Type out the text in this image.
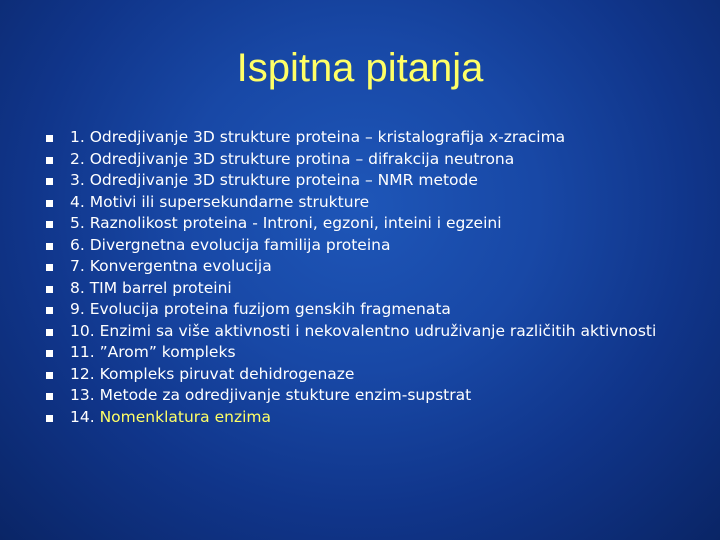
Ispitna pitanja
1. Odredjivanje 3D strukture proteina – kristalografija x-zracima
2. Odredjivanje 3D strukture protina – difrakcija neutrona
3. Odredjivanje 3D strukture proteina – NMR metode
4. Motivi ili supersekundarne strukture
5. Raznolikost proteina - Introni, egzoni, inteini i egzeini
6. Divergnetna evolucija familija proteina
7. Konvergentna evolucija
8. TIM barrel proteini
9. Evolucija proteina fuzijom genskih fragmenata
10. Enzimi sa više aktivnosti i nekovalentno udruživanje različitih aktivnosti
11. ”Arom” kompleks
12. Kompleks piruvat dehidrogenaze
13. Metode za odredjivanje stukture enzim-supstrat
14. Nomenklatura enzima
